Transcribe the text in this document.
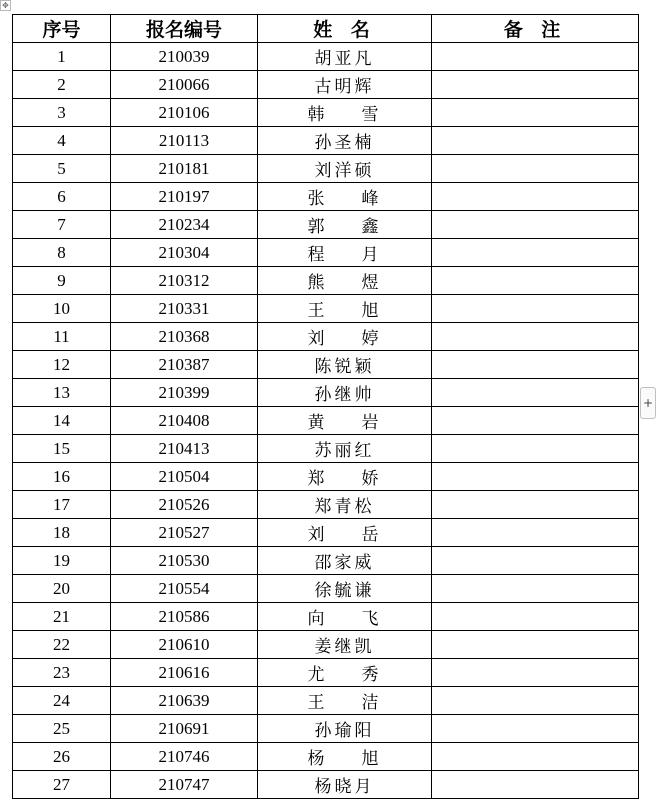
✥
序号	报名编号	姓 名	备 注
1	210039	胡亚凡	
2	210066	古明辉	
3	210106	韩 雪	
4	210113	孙圣楠	
5	210181	刘洋硕	
6	210197	张 峰	
7	210234	郭 鑫	
8	210304	程 月	
9	210312	熊 煜	
10	210331	王 旭	
11	210368	刘 婷	
12	210387	陈锐颖	
13	210399	孙继帅	
14	210408	黄 岩	
15	210413	苏丽红	
16	210504	郑 娇	
17	210526	郑青松	
18	210527	刘 岳	
19	210530	邵家威	
20	210554	徐毓谦	
21	210586	向 飞	
22	210610	姜继凯	
23	210616	尤 秀	
24	210639	王 洁	
25	210691	孙瑜阳	
26	210746	杨 旭	
27	210747	杨晓月	
+
